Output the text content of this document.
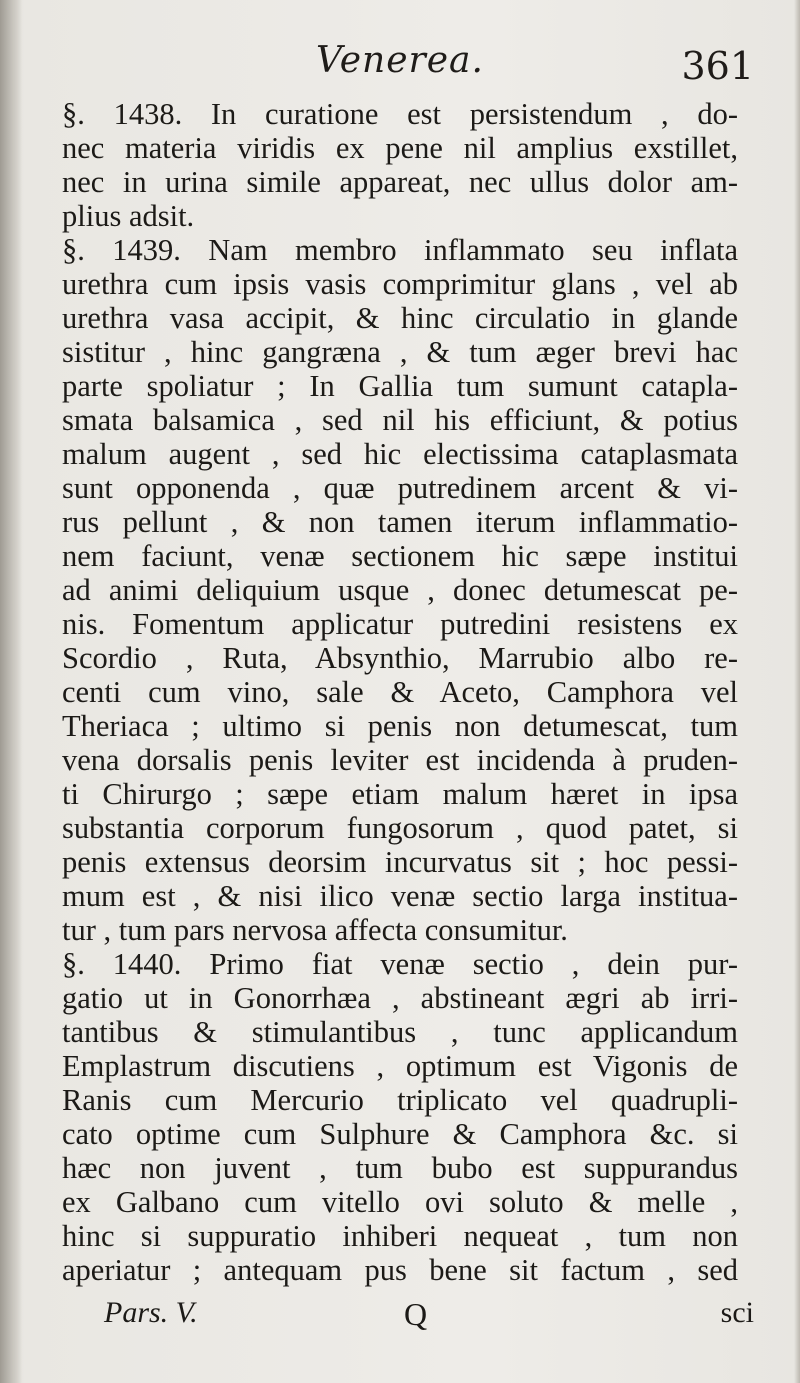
Venerea.	361
§. 1438. In curatione est persistendum , do-
nec materia viridis ex pene nil amplius exstillet,
nec in urina simile appareat, nec ullus dolor am-
plius adsit.
§. 1439. Nam membro inflammato seu inflata
urethra cum ipsis vasis comprimitur glans , vel ab
urethra vasa accipit, & hinc circulatio in glande
sistitur , hinc gangræna , & tum æger brevi hac
parte spoliatur ; In Gallia tum sumunt catapla-
smata balsamica , sed nil his efficiunt, & potius
malum augent , sed hic electissima cataplasmata
sunt opponenda , quæ putredinem arcent & vi-
rus pellunt , & non tamen iterum inflammatio-
nem faciunt, venæ sectionem hic sæpe institui
ad animi deliquium usque , donec detumescat pe-
nis. Fomentum applicatur putredini resistens ex
Scordio , Ruta, Absynthio, Marrubio albo re-
centi cum vino, sale & Aceto, Camphora vel
Theriaca ; ultimo si penis non detumescat, tum
vena dorsalis penis leviter est incidenda à pruden-
ti Chirurgo ; sæpe etiam malum hæret in ipsa
substantia corporum fungosorum , quod patet, si
penis extensus deorsim incurvatus sit ; hoc pessi-
mum est , & nisi ilico venæ sectio larga instituа-
tur , tum pars nervosa affecta consumitur.
§. 1440. Primo fiat venæ sectio , dein pur-
gatio ut in Gonorrhæa , abstineant ægri ab irri-
tantibus & stimulantibus , tunc applicandum
Emplastrum discutiens , optimum est Vigonis de
Ranis cum Mercurio triplicato vel quadrupli-
cato optime cum Sulphure & Camphora &c. si
hæc non juvent , tum bubo est suppurandus
ex Galbano cum vitello ovi soluto & melle ,
hinc si suppuratio inhiberi nequeat , tum non
aperiatur ; antequam pus bene sit factum , sed
Pars. V.	Q	sci
